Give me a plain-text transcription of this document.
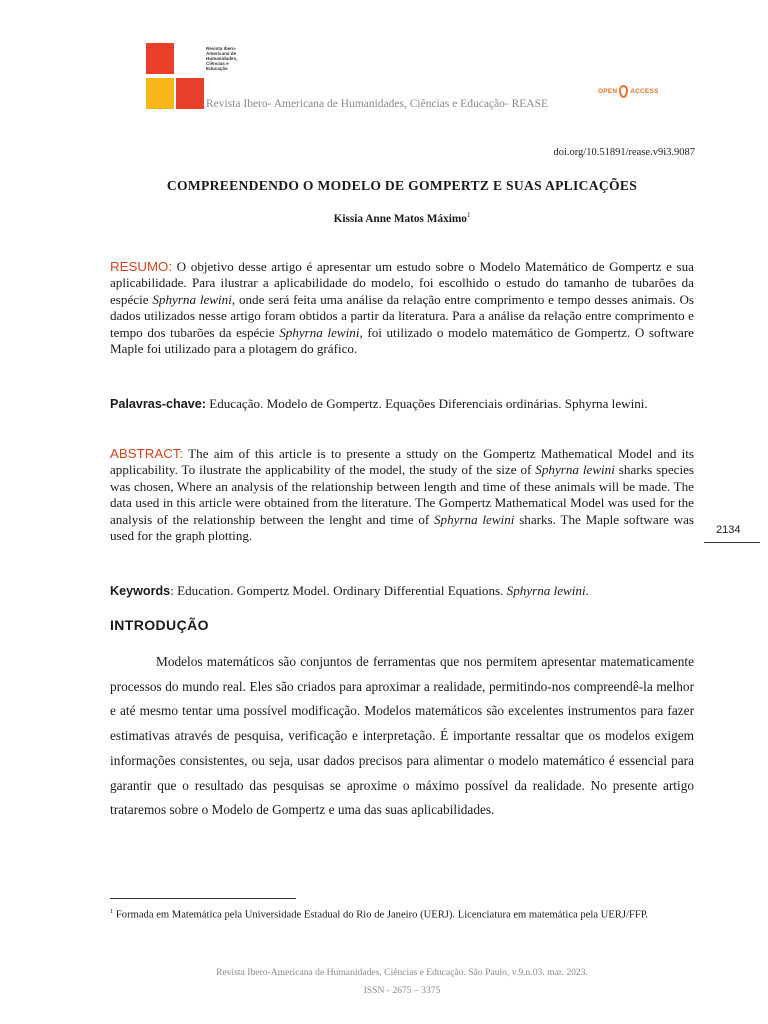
Revista Ibero-Americana de Humanidades, Ciências e Educação
Revista Ibero- Americana de Humanidades, Ciências e Educação- REASE
OPEN ACCESS
doi.org/10.51891/rease.v9i3.9087
COMPREENDENDO O MODELO DE GOMPERTZ E SUAS APLICAÇÕES
Kissia Anne Matos Máximo$^1$
RESUMO: O objetivo desse artigo é apresentar um estudo sobre o Modelo Matemático de Gompertz e sua aplicabilidade. Para ilustrar a aplicabilidade do modelo, foi escolhido o estudo do tamanho de tubarões da espécie Sphyrna lewini, onde será feita uma análise da relação entre comprimento e tempo desses animais. Os dados utilizados nesse artigo foram obtidos a partir da literatura. Para a análise da relação entre comprimento e tempo dos tubarões da espécie Sphyrna lewini, foi utilizado o modelo matemático de Gompertz. O software Maple foi utilizado para a plotagem do gráfico.
Palavras-chave: Educação. Modelo de Gompertz. Equações Diferenciais ordinárias. Sphyrna lewini.
ABSTRACT: The aim of this article is to presente a sttudy on the Gompertz Mathematical Model and its applicability. To ilustrate the applicability of the model, the study of the size of Sphyrna lewini sharks species was chosen, Where an analysis of the relationship between length and time of these animals will be made. The data used in this article were obtained from the literature. The Gompertz Mathematical Model was used for the analysis of the relationship between the lenght and time of Sphyrna lewini sharks. The Maple software was used for the graph plotting.	2134
Keywords: Education. Gompertz Model. Ordinary Differential Equations. Sphyrna lewini.
INTRODUÇÃO
Modelos matemáticos são conjuntos de ferramentas que nos permitem apresentar matematicamente processos do mundo real. Eles são criados para aproximar a realidade, permitindo-nos compreendê-la melhor e até mesmo tentar uma possível modificação. Modelos matemáticos são excelentes instrumentos para fazer estimativas através de pesquisa, verificação e interpretação. É importante ressaltar que os modelos exigem informações consistentes, ou seja, usar dados precisos para alimentar o modelo matemático é essencial para garantir que o resultado das pesquisas se aproxime o máximo possível da realidade. No presente artigo trataremos sobre o Modelo de Gompertz e uma das suas aplicabilidades.
$^1$ Formada em Matemática pela Universidade Estadual do Rio de Janeiro (UERJ). Licenciatura em matemática pela UERJ/FFP.
Revista Ibero-Americana de Humanidades, Ciências e Educação. São Paulo, v.9.n.03. mar. 2023.
ISSN - 2675 – 3375
